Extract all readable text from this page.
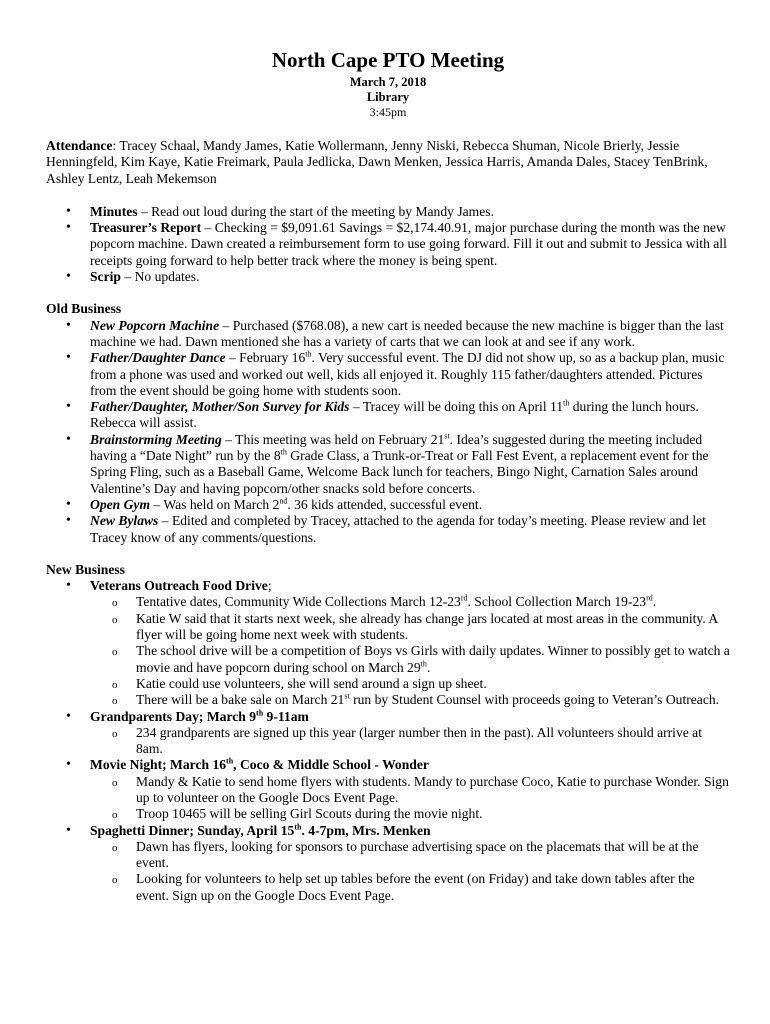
North Cape PTO Meeting
March 7, 2018
Library
3:45pm
Attendance: Tracey Schaal, Mandy James, Katie Wollermann, Jenny Niski, Rebecca Shuman, Nicole Brierly, Jessie Henningfeld, Kim Kaye, Katie Freimark, Paula Jedlicka, Dawn Menken, Jessica Harris, Amanda Dales, Stacey TenBrink, Ashley Lentz, Leah Mekemson
• Minutes – Read out loud during the start of the meeting by Mandy James.
• Treasurer’s Report – Checking = $9,091.61 Savings = $2,174.40.91, major purchase during the month was the new popcorn machine. Dawn created a reimbursement form to use going forward. Fill it out and submit to Jessica with all receipts going forward to help better track where the money is being spent.
• Scrip – No updates.
Old Business
• New Popcorn Machine – Purchased ($768.08), a new cart is needed because the new machine is bigger than the last machine we had. Dawn mentioned she has a variety of carts that we can look at and see if any work.
• Father/Daughter Dance – February 16th. Very successful event. The DJ did not show up, so as a backup plan, music from a phone was used and worked out well, kids all enjoyed it. Roughly 115 father/daughters attended. Pictures from the event should be going home with students soon.
• Father/Daughter, Mother/Son Survey for Kids – Tracey will be doing this on April 11th during the lunch hours. Rebecca will assist.
• Brainstorming Meeting – This meeting was held on February 21st. Idea’s suggested during the meeting included having a “Date Night” run by the 8th Grade Class, a Trunk-or-Treat or Fall Fest Event, a replacement event for the Spring Fling, such as a Baseball Game, Welcome Back lunch for teachers, Bingo Night, Carnation Sales around Valentine’s Day and having popcorn/other snacks sold before concerts.
• Open Gym – Was held on March 2nd. 36 kids attended, successful event.
• New Bylaws – Edited and completed by Tracey, attached to the agenda for today’s meeting. Please review and let Tracey know of any comments/questions.
New Business
• Veterans Outreach Food Drive;
o Tentative dates, Community Wide Collections March 12-23rd. School Collection March 19-23rd.
o Katie W said that it starts next week, she already has change jars located at most areas in the community. A flyer will be going home next week with students.
o The school drive will be a competition of Boys vs Girls with daily updates. Winner to possibly get to watch a movie and have popcorn during school on March 29th.
o Katie could use volunteers, she will send around a sign up sheet.
o There will be a bake sale on March 21st run by Student Counsel with proceeds going to Veteran’s Outreach.
• Grandparents Day; March 9th 9-11am
o 234 grandparents are signed up this year (larger number then in the past). All volunteers should arrive at 8am.
• Movie Night; March 16th, Coco & Middle School - Wonder
o Mandy & Katie to send home flyers with students. Mandy to purchase Coco, Katie to purchase Wonder. Sign up to volunteer on the Google Docs Event Page.
o Troop 10465 will be selling Girl Scouts during the movie night.
• Spaghetti Dinner; Sunday, April 15th. 4-7pm, Mrs. Menken
o Dawn has flyers, looking for sponsors to purchase advertising space on the placemats that will be at the event.
o Looking for volunteers to help set up tables before the event (on Friday) and take down tables after the event. Sign up on the Google Docs Event Page.
